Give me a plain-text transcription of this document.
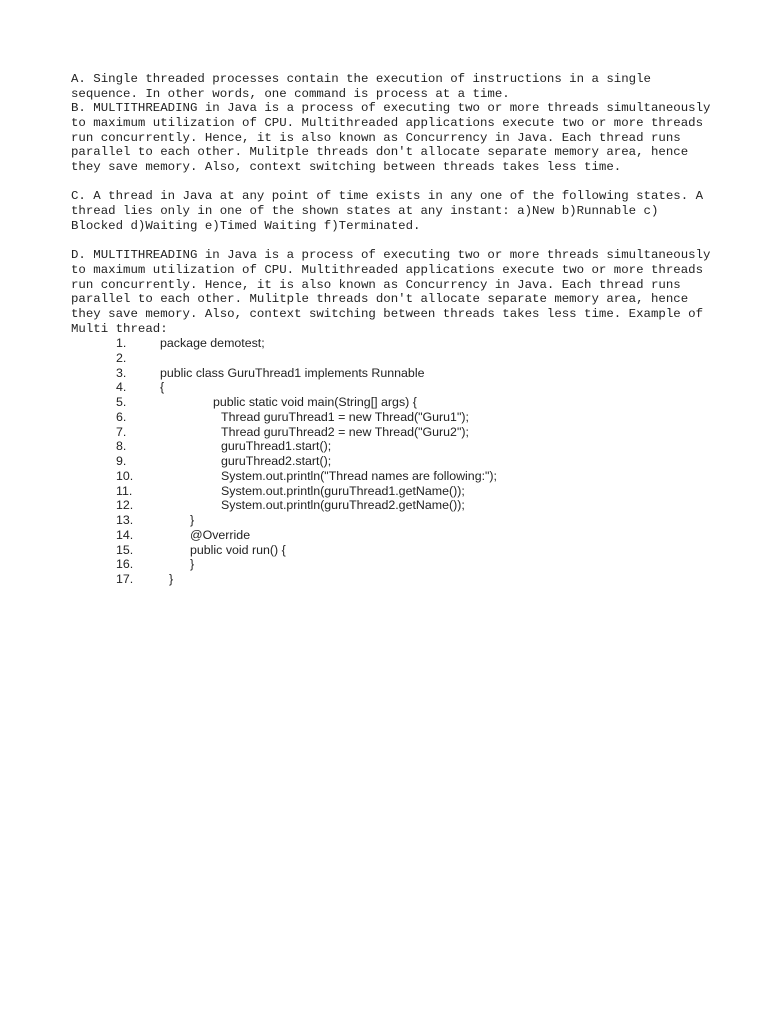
A. Single threaded processes contain the execution of instructions in a single sequence. In other words, one command is process at a time.

B. MULTITHREADING in Java is a process of executing two or more threads simultaneously to maximum utilization of CPU. Multithreaded applications execute two or more threads run concurrently. Hence, it is also known as Concurrency in Java. Each thread runs parallel to each other. Mulitple threads don't allocate separate memory area, hence they save memory. Also, context switching between threads takes less time.

C. A thread in Java at any point of time exists in any one of the following states. A thread lies only in one of the shown states at any instant: a)New b)Runnable c) Blocked d)Waiting e)Timed Waiting f)Terminated.

D. MULTITHREADING in Java is a process of executing two or more threads simultaneously to maximum utilization of CPU. Multithreaded applications execute two or more threads run concurrently. Hence, it is also known as Concurrency in Java. Each thread runs parallel to each other. Mulitple threads don't allocate separate memory area, hence they save memory. Also, context switching between threads takes less time. Example of Multi thread:

1.	package demotest;
2.
3.	public class GuruThread1 implements Runnable
4.	{
5.	public static void main(String[] args) {
6.	Thread guruThread1 = new Thread("Guru1");
7.	Thread guruThread2 = new Thread("Guru2");
8.	guruThread1.start();
9.	guruThread2.start();
10.	System.out.println("Thread names are following:");
11.	System.out.println(guruThread1.getName());
12.	System.out.println(guruThread2.getName());
13.	}
14.	@Override
15.	public void run() {
16.	}
17.	}
